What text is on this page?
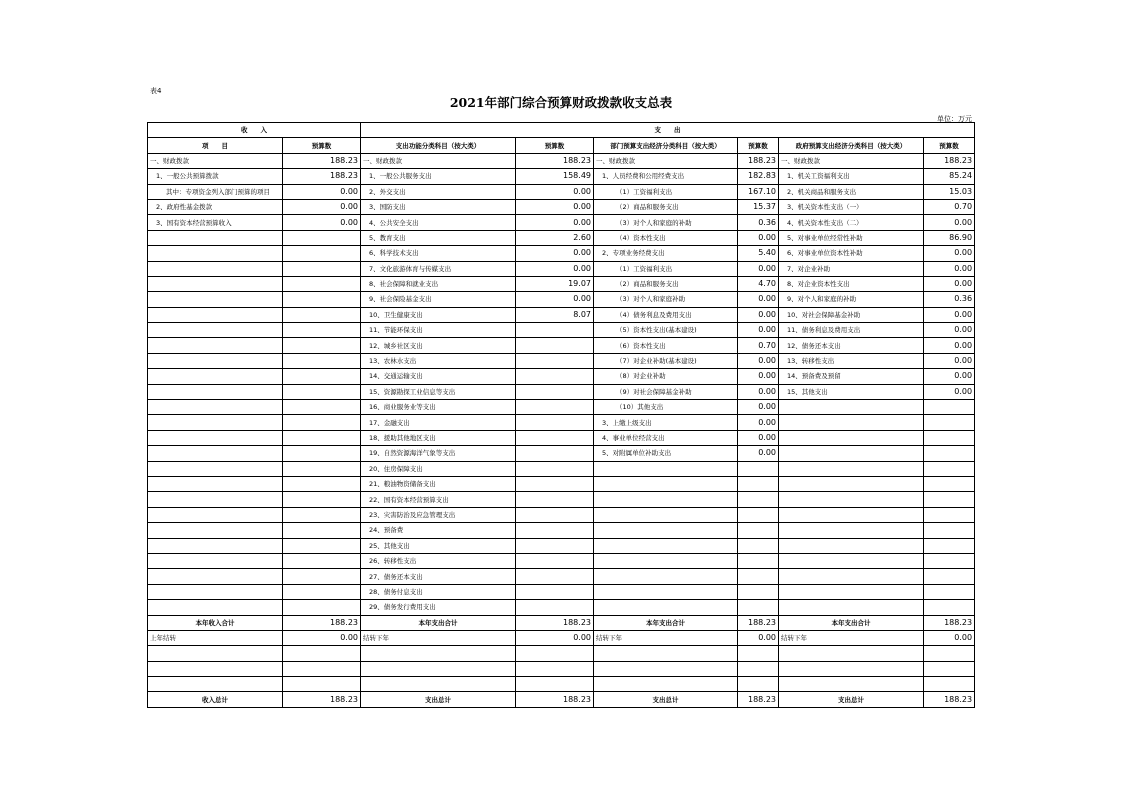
表4
2021年部门综合预算财政拨款收支总表
单位：万元
收　　入		支　　出					
项　　目	预算数	支出功能分类科目（按大类）	预算数	部门预算支出经济分类科目（按大类）	预算数	政府预算支出经济分类科目（按大类）	预算数
一、财政拨款	188.23	一、财政拨款	188.23	一、财政拨款	188.23	一、财政拨款	188.23
1、一般公共预算拨款	188.23	1、一般公共服务支出	158.49	1、人员经费和公用经费支出	182.83	1、机关工资福利支出	85.24
其中：专项资金列入部门预算的项目	0.00	2、外交支出	0.00	（1）工资福利支出	167.10	2、机关商品和服务支出	15.03
2、政府性基金拨款	0.00	3、国防支出	0.00	（2）商品和服务支出	15.37	3、机关资本性支出（一）	0.70
3、国有资本经营预算收入	0.00	4、公共安全支出	0.00	（3）对个人和家庭的补助	0.36	4、机关资本性支出（二）	0.00
		5、教育支出	2.60	（4）资本性支出	0.00	5、对事业单位经常性补助	86.90
		6、科学技术支出	0.00	2、专项业务经费支出	5.40	6、对事业单位资本性补助	0.00
		7、文化旅游体育与传媒支出	0.00	（1）工资福利支出	0.00	7、对企业补助	0.00
		8、社会保障和就业支出	19.07	（2）商品和服务支出	4.70	8、对企业资本性支出	0.00
		9、社会保险基金支出	0.00	（3）对个人和家庭补助	0.00	9、对个人和家庭的补助	0.36
		10、卫生健康支出	8.07	（4）债务利息及费用支出	0.00	10、对社会保障基金补助	0.00
		11、节能环保支出		（5）资本性支出(基本建设)	0.00	11、债务利息及费用支出	0.00
		12、城乡社区支出		（6）资本性支出	0.70	12、债务还本支出	0.00
		13、农林水支出		（7）对企业补助(基本建设)	0.00	13、转移性支出	0.00
		14、交通运输支出		（8）对企业补助	0.00	14、预备费及预留	0.00
		15、资源勘探工业信息等支出		（9）对社会保障基金补助	0.00	15、其他支出	0.00
		16、商业服务业等支出		（10）其他支出	0.00		
		17、金融支出		3、上缴上级支出	0.00		
		18、援助其他地区支出		4、事业单位经营支出	0.00		
		19、自然资源海洋气象等支出		5、对附属单位补助支出	0.00		
		20、住房保障支出					
		21、粮油物资储备支出					
		22、国有资本经营预算支出					
		23、灾害防治及应急管理支出					
		24、预备费					
		25、其他支出					
		26、转移性支出					
		27、债务还本支出					
		28、债务付息支出					
		29、债务发行费用支出					
本年收入合计	188.23	本年支出合计	188.23	本年支出合计	188.23	本年支出合计	188.23
上年结转	0.00	结转下年	0.00	结转下年	0.00	结转下年	0.00

收入总计	188.23	支出总计	188.23	支出总计	188.23	支出总计	188.23
